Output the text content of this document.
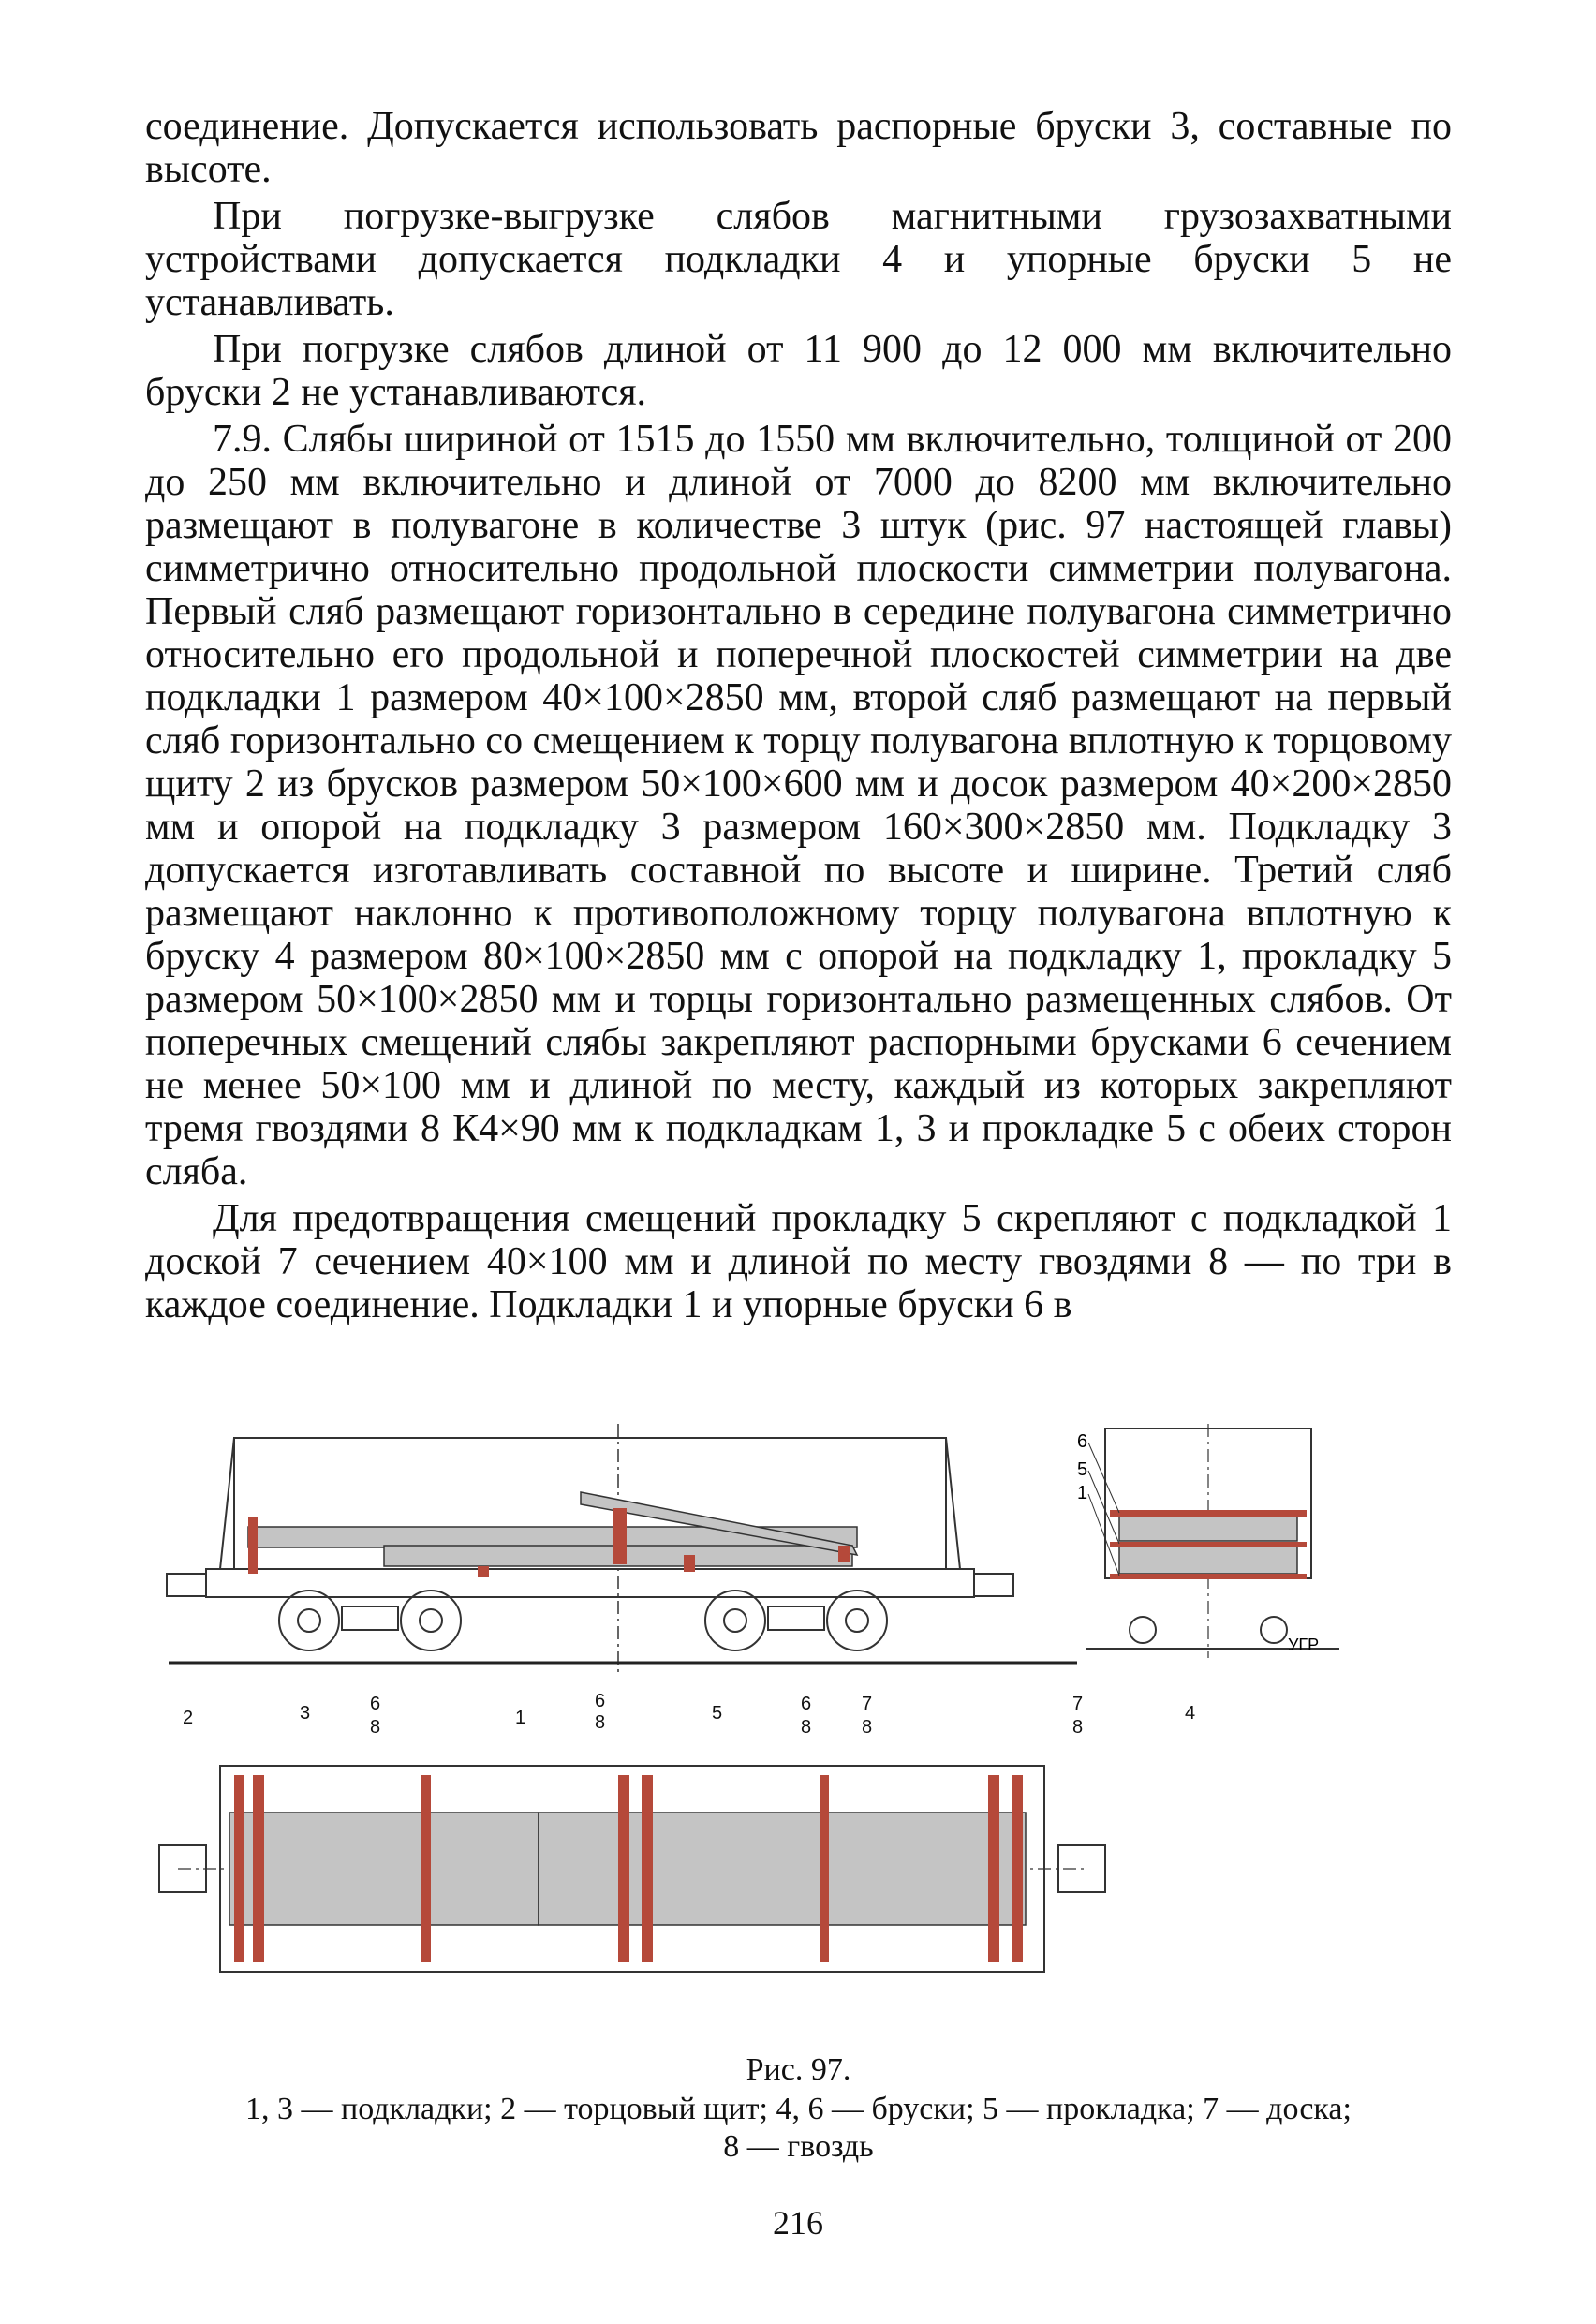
соединение. Допускается использовать распорные бруски 3, составные по высоте.

При погрузке-выгрузке слябов магнитными грузозахватными устройствами допускается подкладки 4 и упорные бруски 5 не устанавливать.

При погрузке слябов длиной от 11 900 до 12 000 мм включительно бруски 2 не устанавливаются.

7.9. Слябы шириной от 1515 до 1550 мм включительно, толщиной от 200 до 250 мм включительно и длиной от 7000 до 8200 мм включительно размещают в полувагоне в количестве 3 штук (рис. 97 настоящей главы) симметрично относительно продольной плоскости симметрии полувагона. Первый сляб размещают горизонтально в середине полувагона симметрично относительно его продольной и поперечной плоскостей симметрии на две подкладки 1 размером 40×100×2850 мм, второй сляб размещают на первый сляб горизонтально со смещением к торцу полувагона вплотную к торцовому щиту 2 из брусков размером 50×100×600 мм и досок размером 40×200×2850 мм и опорой на подкладку 3 размером 160×300×2850 мм. Подкладку 3 допускается изготавливать составной по высоте и ширине. Третий сляб размещают наклонно к противоположному торцу полувагона вплотную к бруску 4 размером 80×100×2850 мм с опорой на подкладку 1, прокладку 5 размером 50×100×2850 мм и торцы горизонтально размещенных слябов. От поперечных смещений слябы закрепляют распорными брусками 6 сечением не менее 50×100 мм и длиной по месту, каждый из которых закрепляют тремя гвоздями 8 К4×90 мм к подкладкам 1, 3 и прокладке 5 с обеих сторон сляба.

Для предотвращения смещений прокладку 5 скрепляют с подкладкой 1 доской 7 сечением 40×100 мм и длиной по месту гвоздями 8 — по три в каждое соединение. Подкладки 1 и упорные бруски 6 в

6
5
1
УГР
2	3	6
8	1
6
8	5	6
8
7
8
7
8
4
Рис. 97.
1, 3 — подкладки; 2 — торцовый щит; 4, 6 — бруски; 5 — прокладка; 7 — доска;
8 — гвоздь
216
